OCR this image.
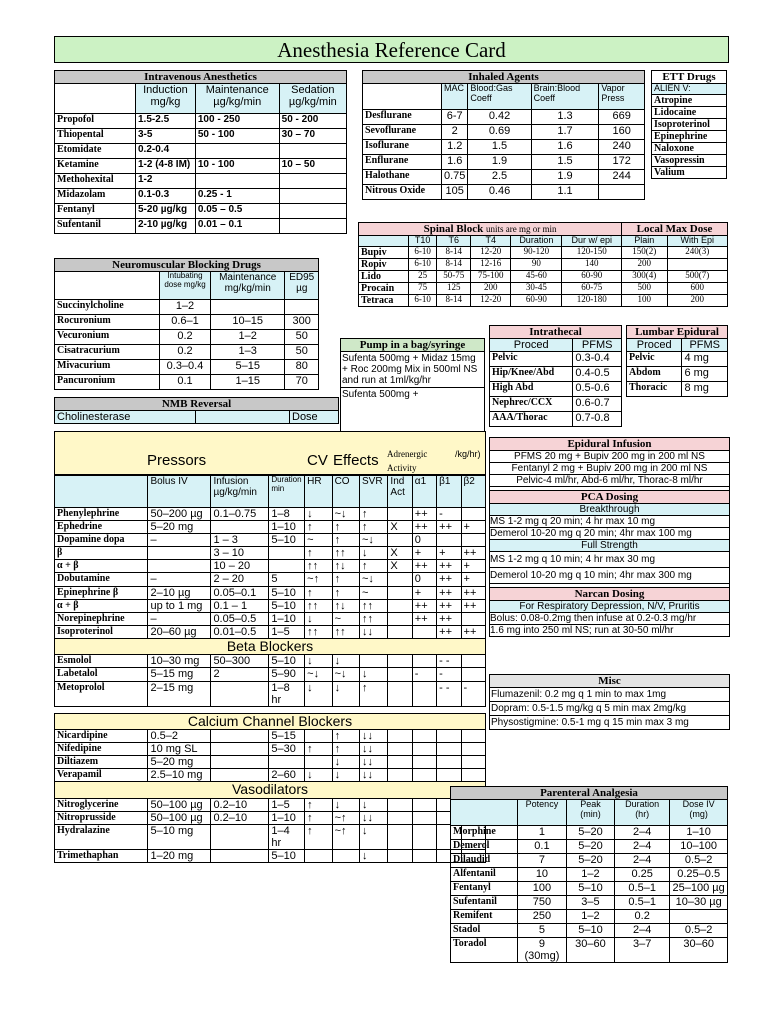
Anesthesia Reference Card
Intravenous Anesthetics			
	Induction mg/kg	Maintenance µg/kg/min	Sedation µg/kg/min
Propofol	1.5-2.5	100 - 250	50 - 200
Thiopental	3-5	50 - 100	30 – 70
Etomidate	0.2-0.4		
Ketamine	1-2 (4-8 IM)	10 - 100	10 – 50
Methohexital	1-2		
Midazolam	0.1-0.3	0.25 - 1	
Fentanyl	5-20 µg/kg	0.05 – 0.5	
Sufentanil	2-10 µg/kg	0.01 – 0.1	
Inhaled Agents				
	MAC	Blood:Gas Coeff	Brain:Blood Coeff	Vapor Press
Desflurane	6-7	0.42	1.3	669
Sevoflurane	2	0.69	1.7	160
Isoflurane	1.2	1.5	1.6	240
Enflurane	1.6	1.9	1.5	172
Halothane	0.75	2.5	1.9	244
Nitrous Oxide	105	0.46	1.1	
ETT Drugs
ALIEN V:
Atropine
Lidocaine
Isoproterinol
Epinephrine
Naloxone
Vasopressin
Valium
Spinal Block units are mg or min						Local Max Dose	
	T10	T6	T4	Duration	Dur w/ epi	Plain	With Epi
Bupiv	6-10	8-14	12-20	90-120	120-150	150(2)	240(3)
Ropiv	6-10	8-14	12-16	90	140	200	
Lido	25	50-75	75-100	45-60	60-90	300(4)	500(7)
Procain	75	125	200	30-45	60-75	500	600
Tetraca	6-10	8-14	12-20	60-90	120-180	100	200
Neuromuscular Blocking Drugs			
	Intubating dose mg/kg	Maintenance mg/kg/min	ED95 µg
Succinylcholine	1–2		
Rocuronium	0.6–1	10–15	300
Vecuronium	0.2	1–2	50
Cisatracurium	0.2	1–3	50
Mivacurium	0.3–0.4	5–15	80
Pancuronium	0.1	1–15	70
NMB Reversal
Cholinesterase		Dose
Pump in a bag/syringe
Sufenta 500mg + Midaz 15mg + Roc 200mg Mix in 500ml NS and run at 1ml/kg/hr
Sufenta 500mg +
Intrathecal	
Proced	PFMS
Pelvic	0.3-0.4
Hip/Knee/Abd	0.4-0.5
High Abd	0.5-0.6
Nephrec/CCX	0.6-0.7
AAA/Thorac	0.7-0.8
Lumbar Epidural	
Proced	PFMS
Pelvic	4 mg
Abdom	6 mg
Thoracic	8 mg
Epidural Infusion
PFMS 20 mg + Bupiv 200 mg in 200 ml NS
Fentanyl 2 mg + Bupiv 200 mg in 200 ml NS
Pelvic-4 ml/hr, Abd-6 ml/hr, Thorac-8 ml/hr
PCA Dosing
Breakthrough
MS 1-2 mg q 20 min; 4 hr max 10 mg
Demerol 10-20 mg q 20 min; 4hr max 100 mg
Full Strength
MS 1-2 mg q 10 min; 4 hr max 30 mg
Demerol 10-20 mg q 10 min; 4hr max 300 mg
Narcan Dosing
For Respiratory Depression, N/V, Pruritis
Bolus: 0.08-0.2mg then infuse at 0.2-0.3 mg/hr
1.6 mg into 250 ml NS; run at 30-50 ml/hr
Misc
Flumazenil: 0.2 mg q 1 min to max 1mg
Dopram: 0.5-1.5 mg/kg q 5 min max 2mg/kg
Physostigmine: 0.5-1 mg q 15 min max 3 mg
Pressors	CV Effects Adrenergic
Activity
/kg/hr)
	Bolus IV	Infusion µg/kg/min	Duration min	HR	CO	SVR	Ind Act	α1	β1	β2
Phenylephrine	50–200 µg	0.1–0.75	1–8	↓	~↓	↑		++	-	
Ephedrine	5–20 mg		1–10	↑	↑	↑	X	++	++	+
Dopamine dopa	–	1 – 3	5–10	~	↑	~↓		0		
β		3 – 10		↑	↑↑	↓	X	+	+	++
α + β		10 – 20		↑↑	↑↓	↑	X	++	++	+
Dobutamine	–	2 – 20	5	~↑	↑	~↓		0	++	+
Epinephrine β	2–10 µg	0.05–0.1	5–10	↑	↑	~		+	++	++
α + β	up to 1 mg	0.1 – 1	5–10	↑↑	↑↓	↑↑		++	++	++
Norepinephrine	–	0.05–0.5	1–10	↓	~	↑↑		++	++	
Isoproterinol	20–60 µg	0.01–0.5	1–5	↑↑	↑↑	↓↓			++	++
Beta Blockers										
Esmolol	10–30 mg	50–300	5–10	↓	↓				- -	
Labetalol	5–15 mg	2	5–90	~↓	~↓	↓		-	-	
Metoprolol	2–15 mg		1–8 hr	↓	↓	↑			- -	-

Calcium Channel Blockers										
Nicardipine	0.5–2		5–15		↑	↓↓				
Nifedipine	10 mg SL		5–30	↑	↑	↓↓				
Diltiazem	5–20 mg				↓	↓↓				
Verapamil	2.5–10 mg		2–60	↓	↓	↓↓				
Vasodilators										
Nitroglycerine	50–100 µg	0.2–10	1–5	↑	↓	↓				
Nitroprusside	50–100 µg	0.2–10	1–10	↑	~↑	↓↓				
Hydralazine	5–10 mg		1–4 hr	↑	~↑	↓				
Trimethaphan	1–20 mg		5–10			↓				
Parenteral Analgesia				
	Potency	Peak (min)	Duration (hr)	Dose IV (mg)
Morphine	1	5–20	2–4	1–10
Demerol	0.1	5–20	2–4	10–100
Dilaudid	7	5–20	2–4	0.5–2
Alfentanil	10	1–2	0.25	0.25–0.5
Fentanyl	100	5–10	0.5–1	25–100 µg
Sufentanil	750	3–5	0.5–1	10–30 µg
Remifent	250	1–2	0.2	
Stadol	5	5–10	2–4	0.5–2
Toradol	9 (30mg)	30–60	3–7	30–60
